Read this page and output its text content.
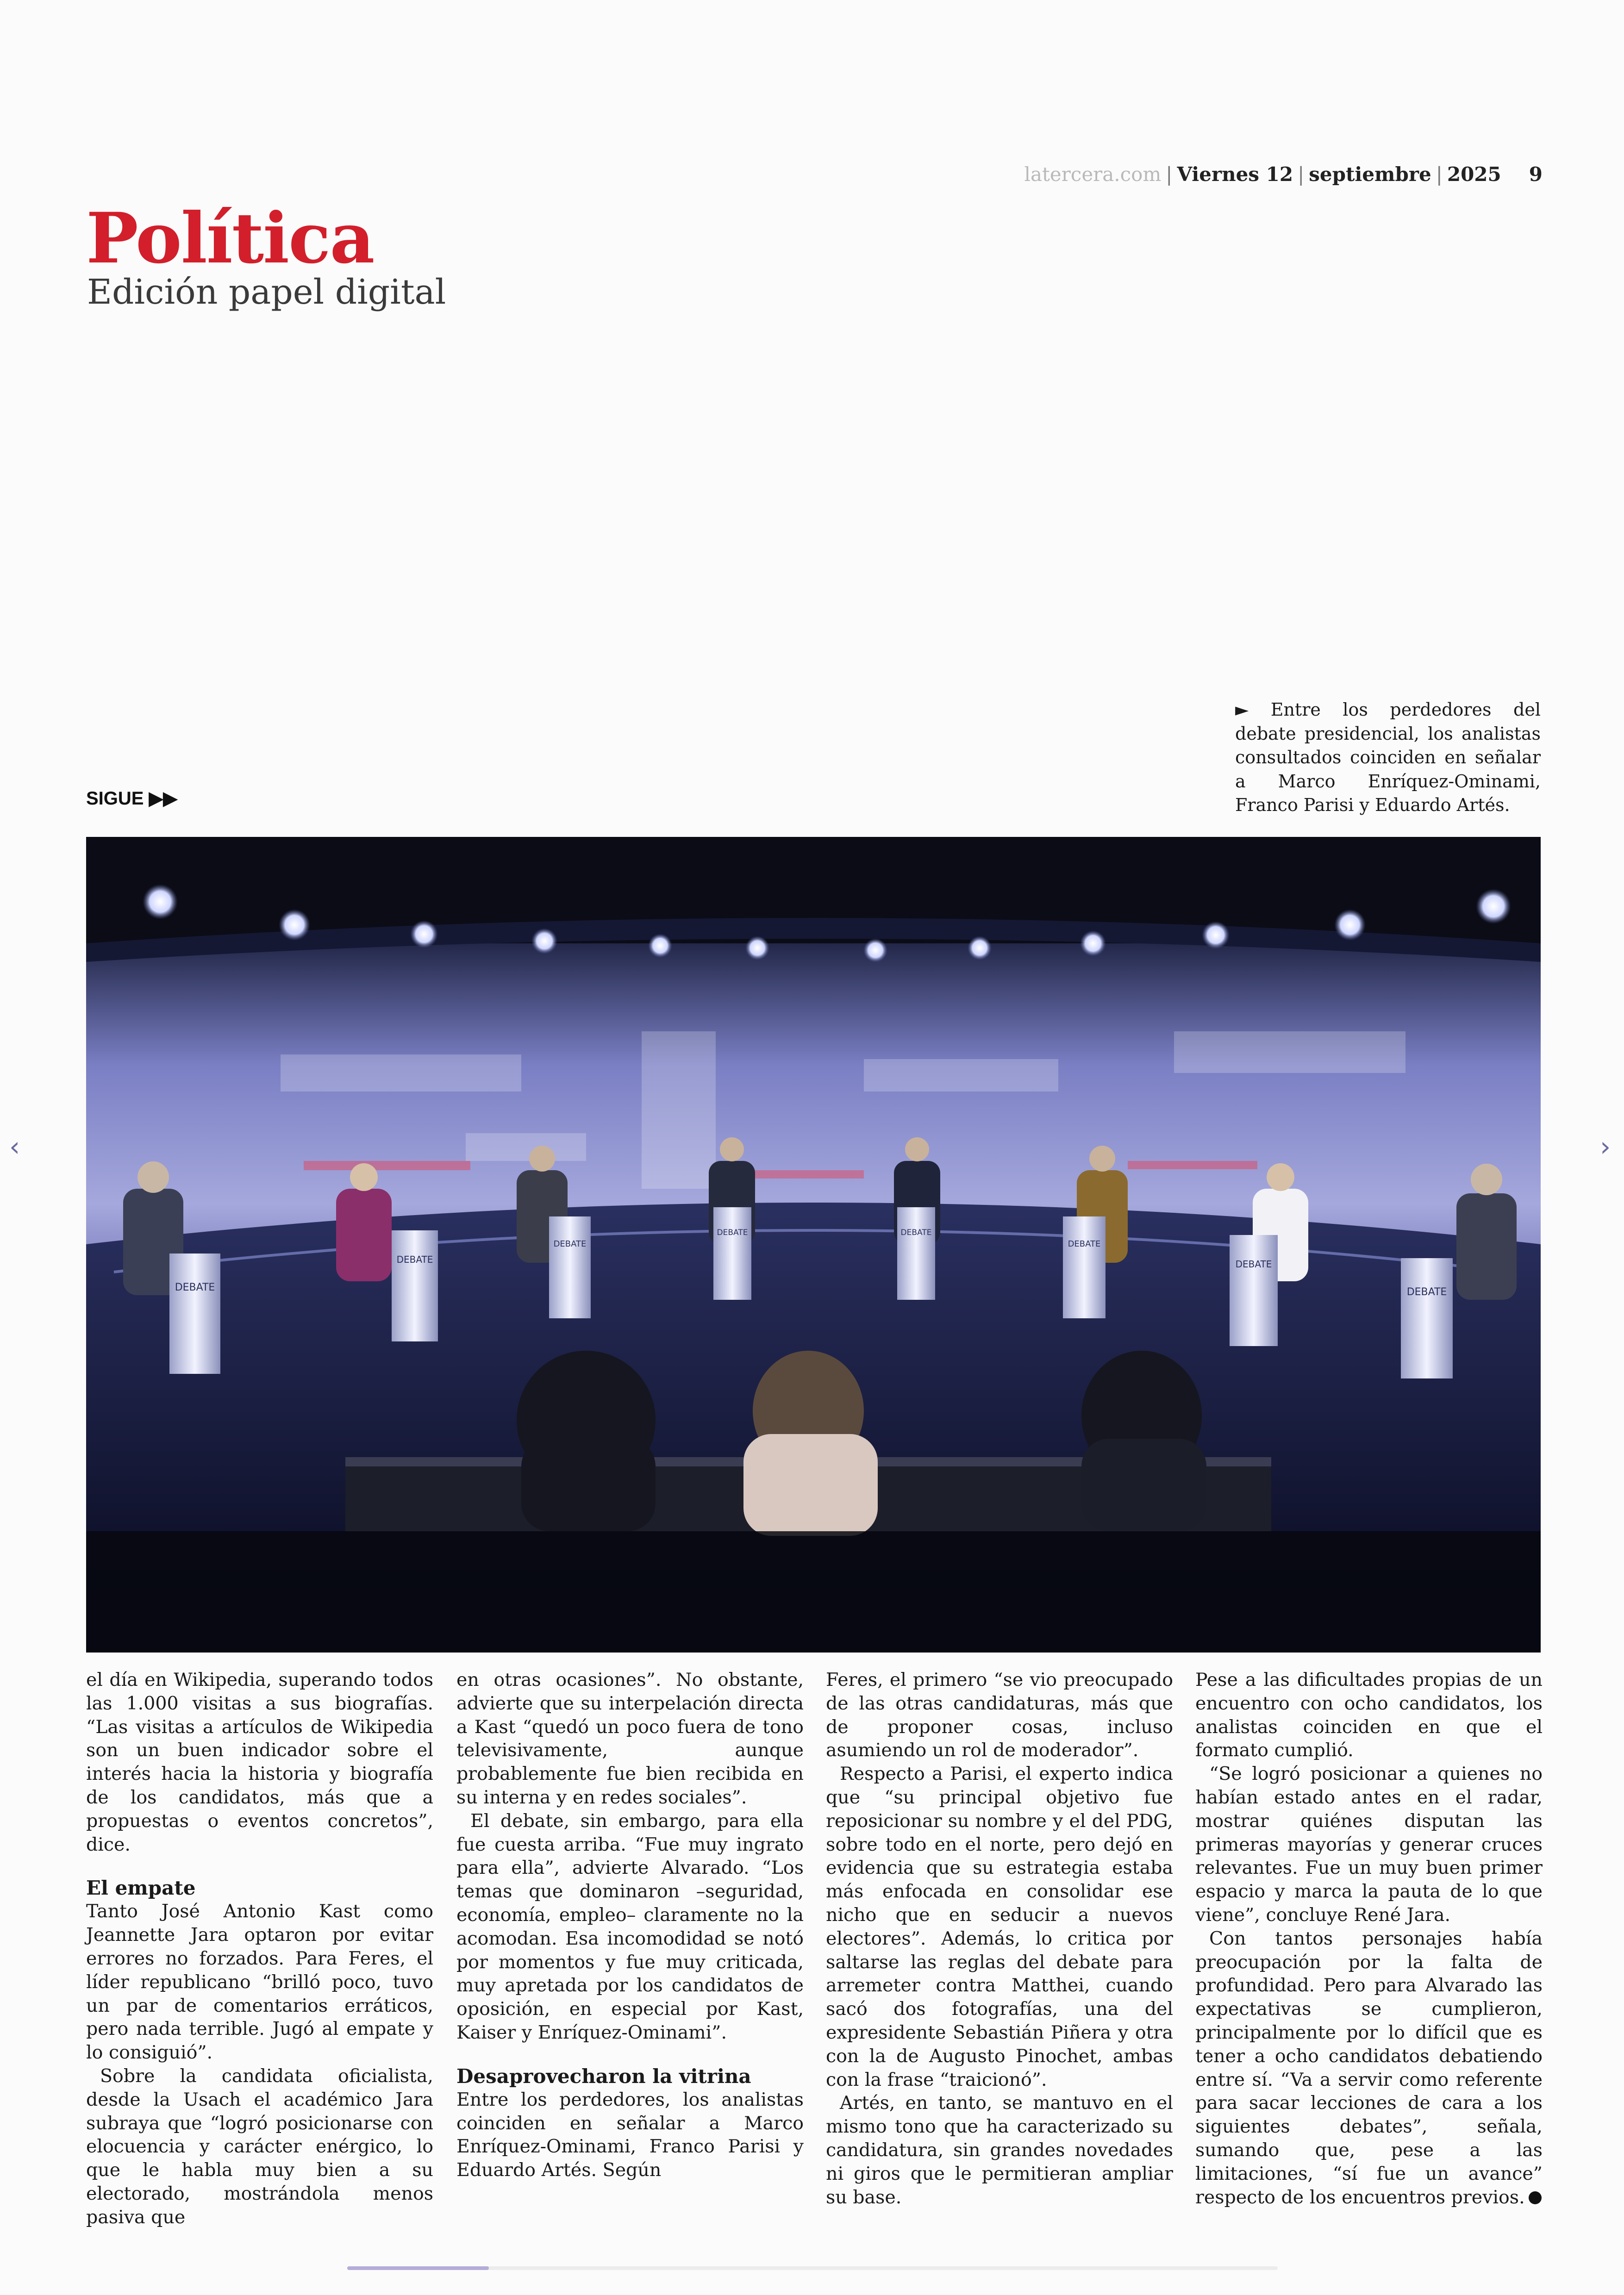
latercera.com | Viernes 12 | septiembre | 2025 9
Política
Edición papel digital
SIGUE ▶▶
► Entre los perdedores del debate presidencial, los analistas consultados coinciden en señalar a Marco Enríquez-Ominami, Franco Parisi y Eduardo Artés.
DEBATE
DEBATE
DEBATE
DEBATE	DEBATE
DEBATE
DEBATE
DEBATE
‹	›

el día en Wikipedia, superando todos las 1.000 visitas a sus biografías. “Las visitas a artículos de Wikipedia son un buen indicador sobre el interés hacia la historia y biografía de los candidatos, más que a propuestas o eventos concretos”, dice.

El empate

Tanto José Antonio Kast como Jeannette Jara optaron por evitar errores no forzados. Para Feres, el líder republicano “brilló poco, tuvo un par de comentarios erráticos, pero nada terrible. Jugó al empate y lo consiguió”.

Sobre la candidata oficialista, desde la Usach el académico Jara subraya que “logró posicionarse con elocuencia y carácter enérgico, lo que le habla muy bien a su electorado, mostrándola menos pasiva que

en otras ocasiones”. No obstante, advierte que su interpelación directa a Kast “quedó un poco fuera de tono televisivamente, aunque probablemente fue bien recibida en su interna y en redes sociales”.

El debate, sin embargo, para ella fue cuesta arriba. “Fue muy ingrato para ella”, advierte Alvarado. “Los temas que dominaron –seguridad, economía, empleo– claramente no la acomodan. Esa incomodidad se notó por momentos y fue muy criticada, muy apretada por los candidatos de oposición, en especial por Kast, Kaiser y Enríquez-Ominami”.

Desaprovecharon la vitrina

Entre los perdedores, los analistas coinciden en señalar a Marco Enríquez-Ominami, Franco Parisi y Eduardo Artés. Según

Feres, el primero “se vio preocupado de las otras candidaturas, más que de proponer cosas, incluso asumiendo un rol de moderador”.

Respecto a Parisi, el experto indica que “su principal objetivo fue reposicionar su nombre y el del PDG, sobre todo en el norte, pero dejó en evidencia que su estrategia estaba más enfocada en consolidar ese nicho que en seducir a nuevos electores”. Además, lo critica por saltarse las reglas del debate para arremeter contra Matthei, cuando sacó dos fotografías, una del expresidente Sebastián Piñera y otra con la de Augusto Pinochet, ambas con la frase “traicionó”.

Artés, en tanto, se mantuvo en el mismo tono que ha caracterizado su candidatura, sin grandes novedades ni giros que le permitieran ampliar su base.

Pese a las dificultades propias de un encuentro con ocho candidatos, los analistas coinciden en que el formato cumplió.

“Se logró posicionar a quienes no habían estado antes en el radar, mostrar quiénes disputan las primeras mayorías y generar cruces relevantes. Fue un muy buen primer espacio y marca la pauta de lo que viene”, concluye René Jara.

Con tantos personajes había preocupación por la falta de profundidad. Pero para Alvarado las expectativas se cumplieron, principalmente por lo difícil que es tener a ocho candidatos debatiendo entre sí. “Va a servir como referente para sacar lecciones de cara a los siguientes debates”, señala, sumando que, pese a las limitaciones, “sí fue un avance” respecto de los encuentros previos.
